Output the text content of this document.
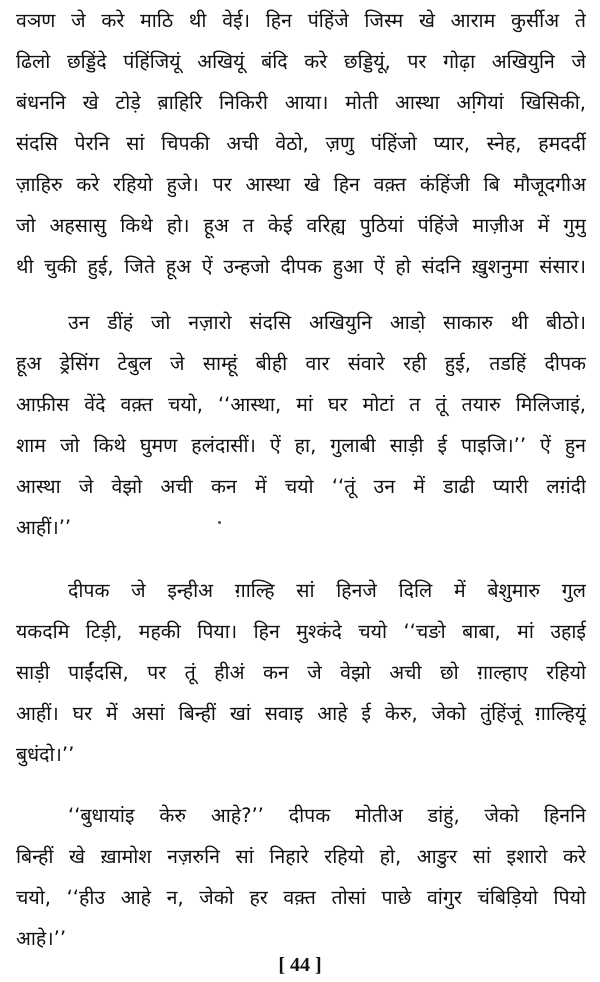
वञण जे करे माठि थी वेई। हिन पंहिंजे जिस्म खे आराम कुर्सीअ ते
ढिलो छड्डिंदे पंहिंजियूं अखियूं बंदि करे छड्डियूं, पर गोढ़ा अखियुनि जे
बंधननि खे टोड़े ब़ाहिरि निकिरी आया। मोती आस्था अगि़यां खिसिकी,
संदसि पेरनि सां चिपकी अची वेठो, ज़णु पंहिंजो प्यार, स्नेह, हमदर्दी
ज़ाहिरु करे रहियो हुजे। पर आस्था खे हिन वक़्त कंहिंजी बि मौजूदगीअ
जो अहसासु किथे हो। हूअ त केई वरिह्य पुठियां पंहिंजे माज़ीअ में गुमु
थी चुकी हुई, जिते हूअ ऐं उन्हजो दीपक हुआ ऐं हो संदनि ख़ुशनुमा संसार।
उन डींहं जो नज़ारो संदसि अखियुनि आडो़ साकारु थी बीठो।
हूअ ड्रेसिंग टेबुल जे साम्हूं बीही वार संवारे रही हुई, तडहिं दीपक
आफ़ीस वेंदे वक़्त चयो, ‘‘आस्था, मां घर मोटां त तूं तयारु मिलिजाइं,
शाम जो किथे घुमण हलंदासीं। ऐं हा, गुलाबी साड़ी ई पाइजि।’’ ऐं हुन
आस्था जे वेझो अची कन में चयो ‘‘तूं उन में डाढी प्यारी लग़ंदी
आहीं।’’
दीपक जे इन्हीअ ग़ाल्हि सां हिनजे दिलि में बेशुमारु गुल
यकदमि टिड़ी, महकी पिया। हिन मुश्कंदे चयो ‘‘चङो बाबा, मां उहाई
साड़ी पाईंदसि, पर तूं हीअं कन जे वेझो अची छो ग़ाल्हाए रहियो
आहीं। घर में असां बिन्हीं खां सवाइ आहे ई केरु, जेको तुंहिंजूं ग़ाल्हियूं
बुधंदो।’’
‘‘बुधायांइ केरु आहे?’’ दीपक मोतीअ डांहुं, जेको हिननि
बिन्हीं खे ख़ामोश नज़रुनि सां निहारे रहियो हो, आङुर सां इशारो करे
चयो, ‘‘हीउ आहे न, जेको हर वक़्त तोसां पाछे वांगुर चंबिड़ियो पियो
आहे।’’
[ 44 ]
